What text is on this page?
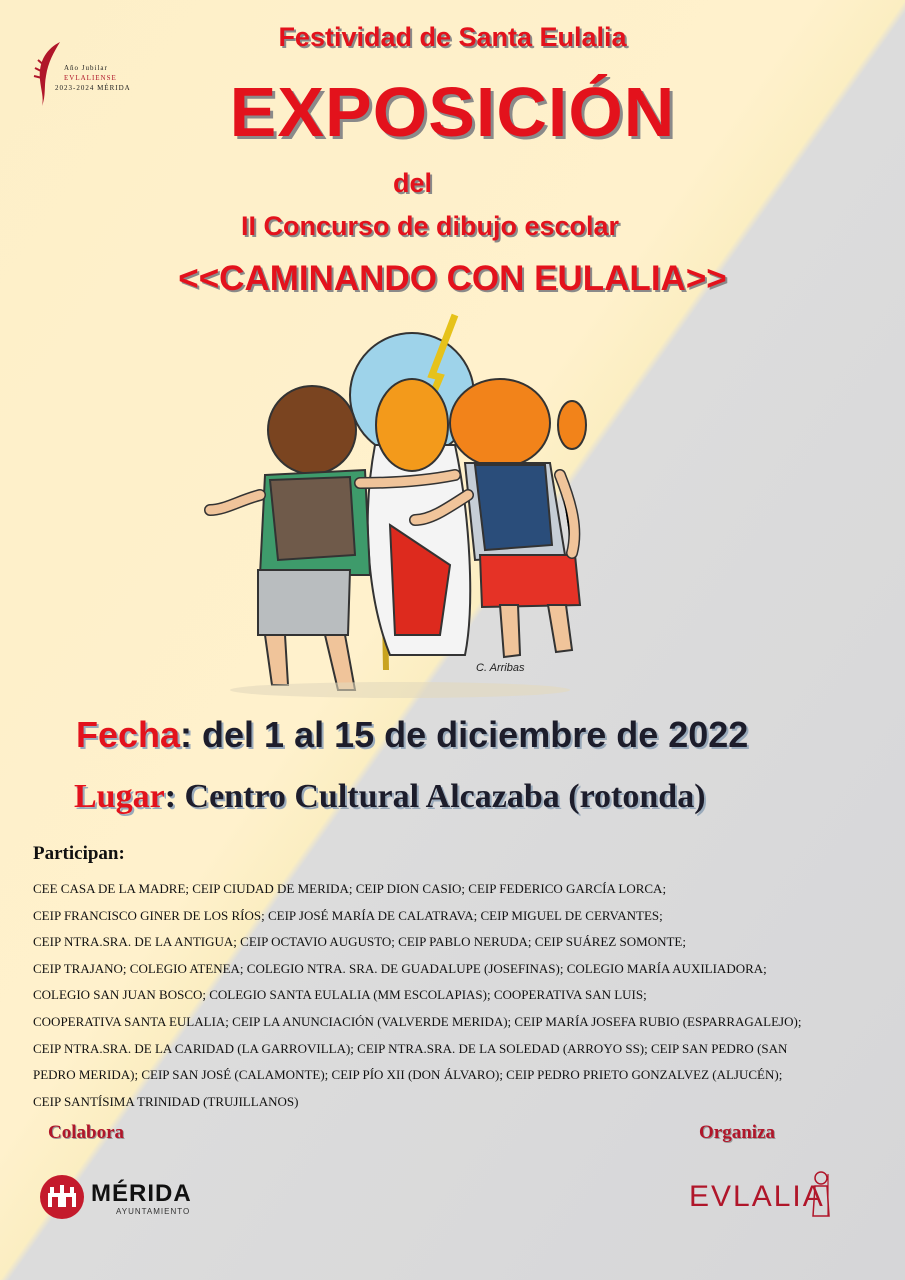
Año Jubilar
EVLALIENSE
2023-2024 MÉRIDA
Festividad de Santa Eulalia
EXPOSICIÓN
del
II Concurso de dibujo escolar
<<CAMINANDO CON EULALIA>>
C. Arribas
Fecha: del 1 al 15 de diciembre de 2022
Lugar: Centro Cultural Alcazaba (rotonda)
Participan:
CEE CASA DE LA MADRE; CEIP CIUDAD DE MERIDA; CEIP DION CASIO; CEIP FEDERICO GARCÍA LORCA;
CEIP FRANCISCO GINER DE LOS RÍOS; CEIP JOSÉ MARÍA DE CALATRAVA; CEIP MIGUEL DE CERVANTES;
CEIP NTRA.SRA. DE LA ANTIGUA; CEIP OCTAVIO AUGUSTO; CEIP PABLO NERUDA; CEIP SUÁREZ SOMONTE;
CEIP TRAJANO; COLEGIO ATENEA; COLEGIO NTRA. SRA. DE GUADALUPE (JOSEFINAS); COLEGIO MARÍA AUXILIADORA;
COLEGIO SAN JUAN BOSCO; COLEGIO SANTA EULALIA (MM ESCOLAPIAS); COOPERATIVA SAN LUIS;
COOPERATIVA SANTA EULALIA; CEIP LA ANUNCIACIÓN (VALVERDE MERIDA); CEIP MARÍA JOSEFA RUBIO (ESPARRAGALEJO);
CEIP NTRA.SRA. DE LA CARIDAD (LA GARROVILLA); CEIP NTRA.SRA. DE LA SOLEDAD (ARROYO SS); CEIP SAN PEDRO (SAN
PEDRO MERIDA); CEIP SAN JOSÉ (CALAMONTE); CEIP PÍO XII (DON ÁLVARO); CEIP PEDRO PRIETO GONZALVEZ (ALJUCÉN);
CEIP SANTÍSIMA TRINIDAD (TRUJILLANOS)
Colabora	Organiza
MÉRIDA
AYUNTAMIENTO	EVLALIA
